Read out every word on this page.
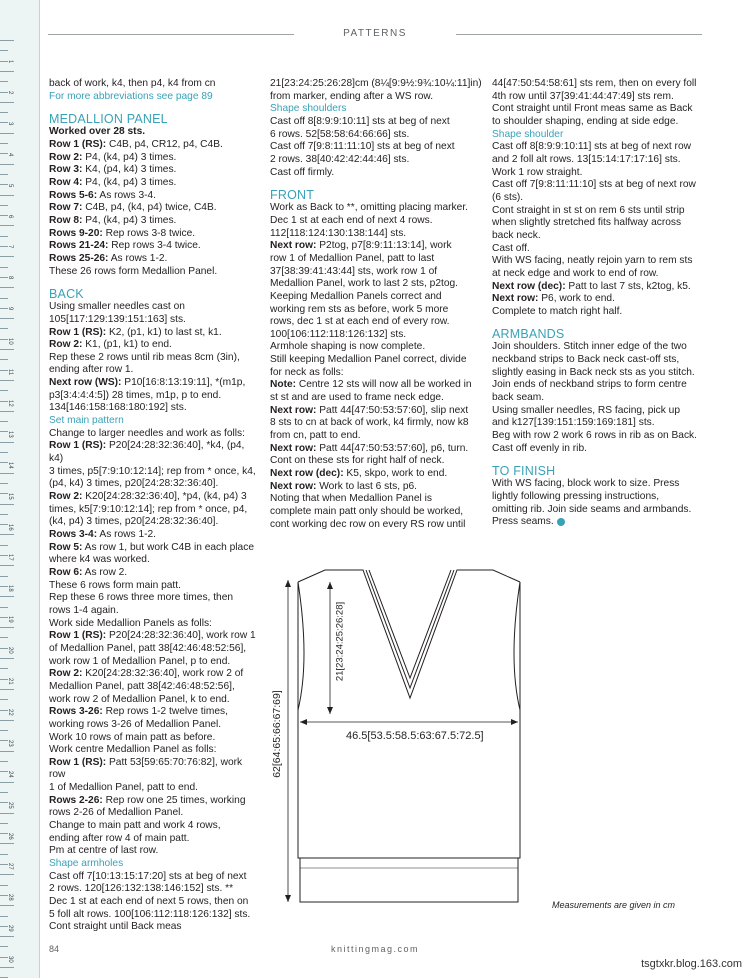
1
2
3
4
5
6
7
8
9
10
11
12
13
14
15
16
17
18
19
20
21
22
23
24
25
26
27
28
29
30
PATTERNS

back of work, k4, then p4, k4 from cn

For more abbreviations see page 89

MEDALLION PANEL

Worked over 28 sts.

Row 1 (RS): C4B, p4, CR12, p4, C4B.

Row 2: P4, (k4, p4) 3 times.

Row 3: K4, (p4, k4) 3 times.

Row 4: P4, (k4, p4) 3 times.

Rows 5-6: As rows 3-4.

Row 7: C4B, p4, (k4, p4) twice, C4B.

Row 8: P4, (k4, p4) 3 times.

Rows 9-20: Rep rows 3-8 twice.

Rows 21-24: Rep rows 3-4 twice.

Rows 25-26: As rows 1-2.

These 26 rows form Medallion Panel.

BACK

Using smaller needles cast on

105[117:129:139:151:163] sts.

Row 1 (RS): K2, (p1, k1) to last st, k1.

Row 2: K1, (p1, k1) to end.

Rep these 2 rows until rib meas 8cm (3in),

ending after row 1.

Next row (WS): P10[16:8:13:19:11], *(m1p,

p3[3:4:4:4:5]) 28 times, m1p, p to end.

134[146:158:168:180:192] sts.

Set main pattern

Change to larger needles and work as folls:

Row 1 (RS): P20[24:28:32:36:40], *k4, (p4, k4)

3 times, p5[7:9:10:12:14]; rep from * once, k4,

(p4, k4) 3 times, p20[24:28:32:36:40].

Row 2: K20[24:28:32:36:40], *p4, (k4, p4) 3

times, k5[7:9:10:12:14]; rep from * once, p4,

(k4, p4) 3 times, p20[24:28:32:36:40].

Rows 3-4: As rows 1-2.

Row 5: As row 1, but work C4B in each place

where k4 was worked.

Row 6: As row 2.

These 6 rows form main patt.

Rep these 6 rows three more times, then

rows 1-4 again.

Work side Medallion Panels as folls:

Row 1 (RS): P20[24:28:32:36:40], work row 1

of Medallion Panel, patt 38[42:46:48:52:56],

work row 1 of Medallion Panel, p to end.

Row 2: K20[24:28:32:36:40], work row 2 of

Medallion Panel, patt 38[42:46:48:52:56],

work row 2 of Medallion Panel, k to end.

Rows 3-26: Rep rows 1-2 twelve times,

working rows 3-26 of Medallion Panel.

Work 10 rows of main patt as before.

Work centre Medallion Panel as folls:

Row 1 (RS): Patt 53[59:65:70:76:82], work row

1 of Medallion Panel, patt to end.

Rows 2-26: Rep row one 25 times, working

rows 2-26 of Medallion Panel.

Change to main patt and work 4 rows,

ending after row 4 of main patt.

Pm at centre of last row.

Shape armholes

Cast off 7[10:13:15:17:20] sts at beg of next

2 rows. 120[126:132:138:146:152] sts. **

Dec 1 st at each end of next 5 rows, then on

5 foll alt rows. 100[106:112:118:126:132] sts.

Cont straight until Back meas

21[23:24:25:26:28]cm (8¼[9:9½:9¾:10¼:11]in)

from marker, ending after a WS row.

Shape shoulders

Cast off 8[8:9:9:10:11] sts at beg of next

6 rows. 52[58:58:64:66:66] sts.

Cast off 7[9:8:11:11:10] sts at beg of next

2 rows. 38[40:42:42:44:46] sts.

Cast off firmly.

FRONT

Work as Back to **, omitting placing marker.

Dec 1 st at each end of next 4 rows.

112[118:124:130:138:144] sts.

Next row: P2tog, p7[8:9:11:13:14], work

row 1 of Medallion Panel, patt to last

37[38:39:41:43:44] sts, work row 1 of

Medallion Panel, work to last 2 sts, p2tog.

Keeping Medallion Panels correct and

working rem sts as before, work 5 more

rows, dec 1 st at each end of every row.

100[106:112:118:126:132] sts.

Armhole shaping is now complete.

Still keeping Medallion Panel correct, divide

for neck as folls:

Note: Centre 12 sts will now all be worked in

st st and are used to frame neck edge.

Next row: Patt 44[47:50:53:57:60], slip next

8 sts to cn at back of work, k4 firmly, now k8

from cn, patt to end.

Next row: Patt 44[47:50:53:57:60], p6, turn.

Cont on these sts for right half of neck.

Next row (dec): K5, skpo, work to end.

Next row: Work to last 6 sts, p6.

Noting that when Medallion Panel is

complete main patt only should be worked,

cont working dec row on every RS row until

44[47:50:54:58:61] sts rem, then on every foll

4th row until 37[39:41:44:47:49] sts rem.

Cont straight until Front meas same as Back

to shoulder shaping, ending at side edge.

Shape shoulder

Cast off 8[8:9:9:10:11] sts at beg of next row

and 2 foll alt rows. 13[15:14:17:17:16] sts.

Work 1 row straight.

Cast off 7[9:8:11:11:10] sts at beg of next row

(6 sts).

Cont straight in st st on rem 6 sts until strip

when slightly stretched fits halfway across

back neck.

Cast off.

With WS facing, neatly rejoin yarn to rem sts

at neck edge and work to end of row.

Next row (dec): Patt to last 7 sts, k2tog, k5.

Next row: P6, work to end.

Complete to match right half.

ARMBANDS

Join shoulders. Stitch inner edge of the two

neckband strips to Back neck cast-off sts,

slightly easing in Back neck sts as you stitch.

Join ends of neckband strips to form centre

back seam.

Using smaller needles, RS facing, pick up

and k127[139:151:159:169:181] sts.

Beg with row 2 work 6 rows in rib as on Back.

Cast off evenly in rib.

TO FINISH

With WS facing, block work to size. Press

lightly following pressing instructions,

omitting rib. Join side seams and armbands.

Press seams.

62[64:65:66:67:69]
21[23:24:25:26:28]
46.5[53.5:58.5:63:67.5:72.5]
Measurements are given in cm
84	knittingmag.com
tsgtxkr.blog.163.com
